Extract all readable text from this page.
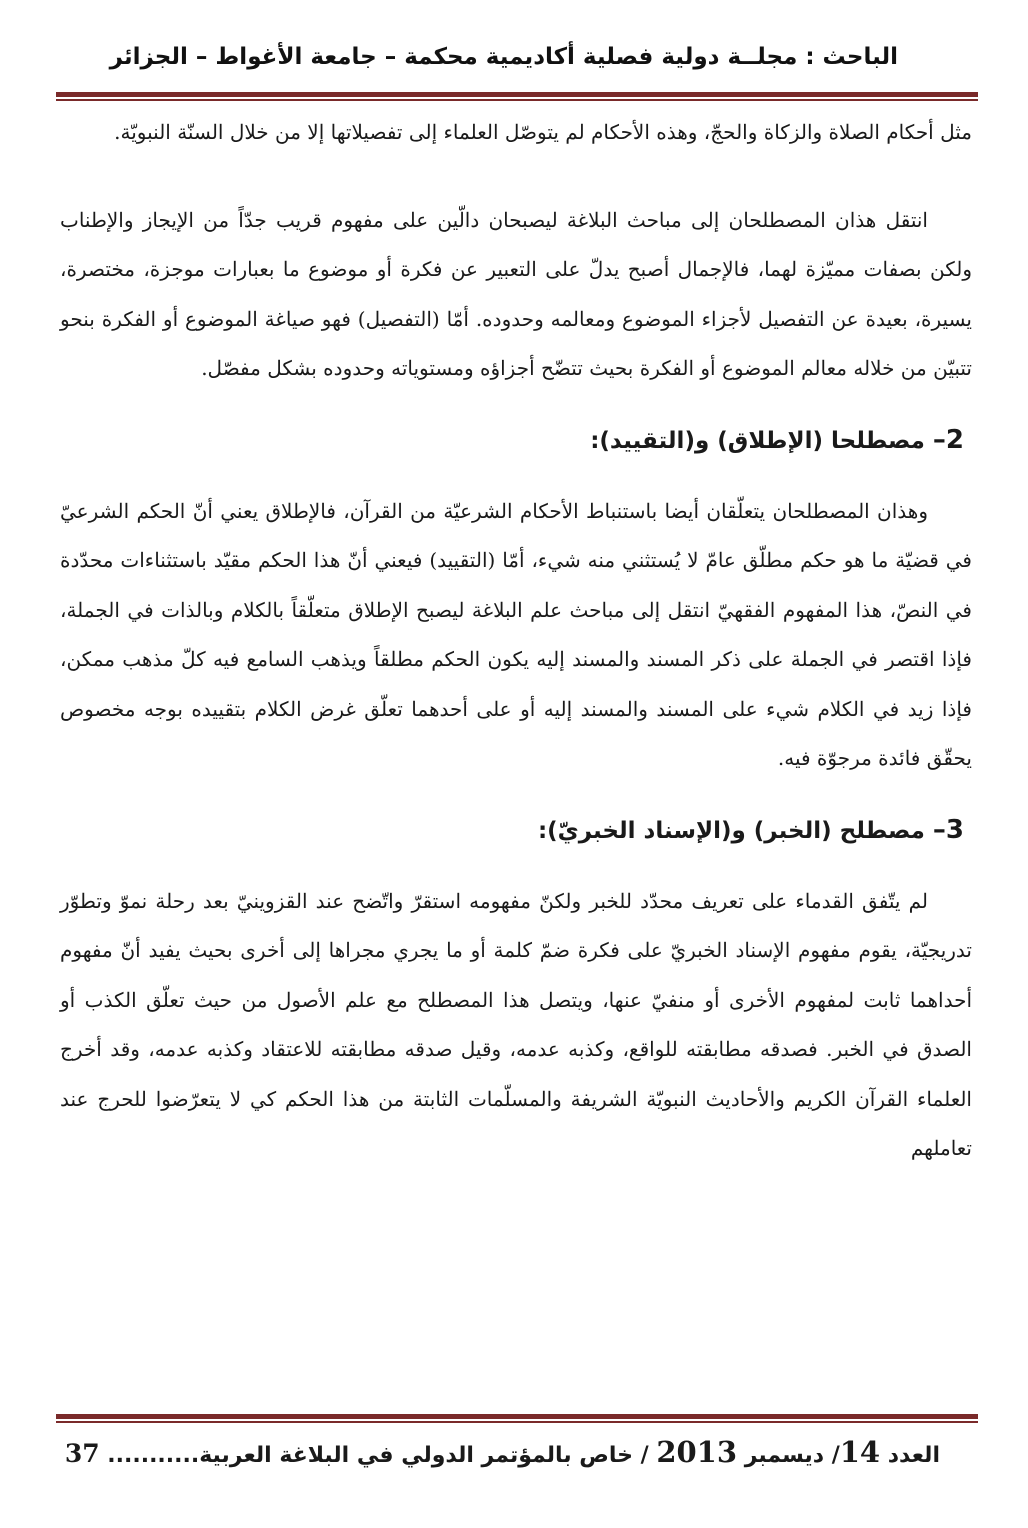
الباحث : مجلــة دولية فصلية أكاديمية محكمة – جامعة الأغواط – الجزائر

مثل أحكام الصلاة والزكاة والحجّ، وهذه الأحكام لم يتوصّل العلماء إلى تفصيلاتها إلا من خلال السنّة النبويّة.

انتقل هذان المصطلحان إلى مباحث البلاغة ليصبحان دالّين على مفهوم قريب جدّاً من الإيجاز والإطناب ولكن بصفات مميّزة لهما، فالإجمال أصبح يدلّ على التعبير عن فكرة أو موضوع ما بعبارات موجزة، مختصرة، يسيرة، بعيدة عن التفصيل لأجزاء الموضوع ومعالمه وحدوده. أمّا (التفصيل) فهو صياغة الموضوع أو الفكرة بنحو تتبيّن من خلاله معالم الموضوع أو الفكرة بحيث تتضّح أجزاؤه ومستوياته وحدوده بشكل مفصّل.

2– مصطلحا (الإطلاق) و(التقييد):

وهذان المصطلحان يتعلّقان أيضا باستنباط الأحكام الشرعيّة من القرآن، فالإطلاق يعني أنّ الحكم الشرعيّ في قضيّة ما هو حكم مطلّق عامّ لا يُستثني منه شيء، أمّا (التقييد) فيعني أنّ هذا الحكم مقيّد باستثناءات محدّدة في النصّ، هذا المفهوم الفقهيّ انتقل إلى مباحث علم البلاغة ليصبح الإطلاق متعلّقاً بالكلام وبالذات في الجملة، فإذا اقتصر في الجملة على ذكر المسند والمسند إليه يكون الحكم مطلقاً ويذهب السامع فيه كلّ مذهب ممكن، فإذا زيد في الكلام شيء على المسند والمسند إليه أو على أحدهما تعلّق غرض الكلام بتقييده بوجه مخصوص يحقّق فائدة مرجوّة فيه.

3– مصطلح (الخبر) و(الإسناد الخبريّ):

لم يتّفق القدماء على تعريف محدّد للخبر ولكنّ مفهومه استقرّ واتّضح عند القزوينيّ بعد رحلة نموّ وتطوّر تدريجيّة، يقوم مفهوم الإسناد الخبريّ على فكرة ضمّ كلمة أو ما يجري مجراها إلى أخرى بحيث يفيد أنّ مفهوم أحداهما ثابت لمفهوم الأخرى أو منفيّ عنها، ويتصل هذا المصطلح مع علم الأصول من حيث تعلّق الكذب أو الصدق في الخبر. فصدقه مطابقته للواقع، وكذبه عدمه، وقيل صدقه مطابقته للاعتقاد وكذبه عدمه، وقد أخرج العلماء القرآن الكريم والأحاديث النبويّة الشريفة والمسلّمات الثابتة من هذا الحكم كي لا يتعرّضوا للحرج عند تعاملهم

العدد 14/ ديسمبر 2013 / خاص بالمؤتمر الدولي في البلاغة العربية........... 37
